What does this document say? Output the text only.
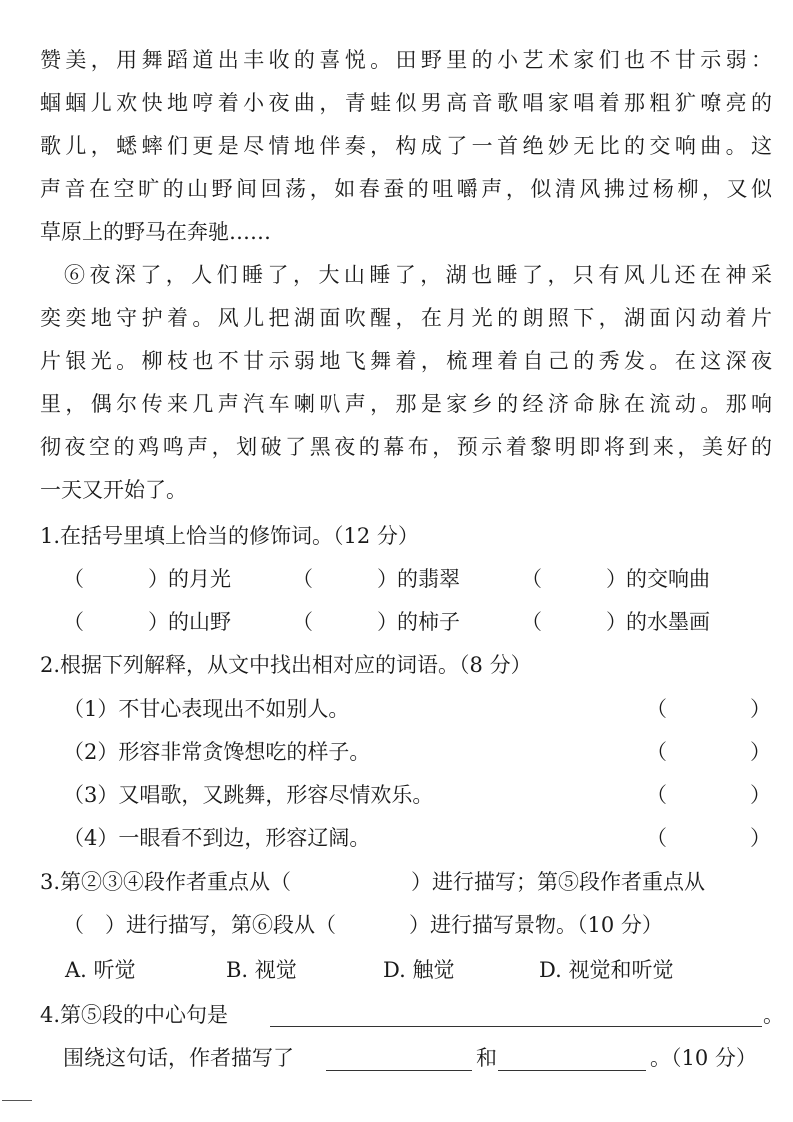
赞美，用舞蹈道出丰收的喜悦。田野里的小艺术家们也不甘示弱：
蝈蝈儿欢快地哼着小夜曲，青蛙似男高音歌唱家唱着那粗犷嘹亮的
歌儿，蟋蟀们更是尽情地伴奏，构成了一首绝妙无比的交响曲。这
声音在空旷的山野间回荡，如春蚕的咀嚼声，似清风拂过杨柳，又似
草原上的野马在奔驰……
⑥夜深了，人们睡了，大山睡了，湖也睡了，只有风儿还在神采
奕奕地守护着。风儿把湖面吹醒，在月光的朗照下，湖面闪动着片
片银光。柳枝也不甘示弱地飞舞着，梳理着自己的秀发。在这深夜
里，偶尔传来几声汽车喇叭声，那是家乡的经济命脉在流动。那响
彻夜空的鸡鸣声，划破了黑夜的幕布，预示着黎明即将到来，美好的
一天又开始了。
1.在括号里填上恰当的修饰词。（12 分）
（	） 的月光	（	） 的翡翠	（	） 的交响曲
（	） 的山野	（	） 的柿子	（	） 的水墨画
2.根据下列解释，从文中找出相对应的词语。（8 分）
（1）不甘心表现出不如别人。	（	）
（2）形容非常贪馋想吃的样子。	（	）
（3）又唱歌，又跳舞，形容尽情欢乐。	（	）
（4）一眼看不到边，形容辽阔。	（	）
3.第②③④段作者重点从（	）进行描写；第⑤段作者重点从
（ ）进行描写，第⑥段从（	）进行描写景物。（10 分）
A. 听觉	B. 视觉	D. 触觉	D. 视觉和听觉
4.第⑤段的中心句是	。
围绕这句话，作者描写了	和	。（10 分）
